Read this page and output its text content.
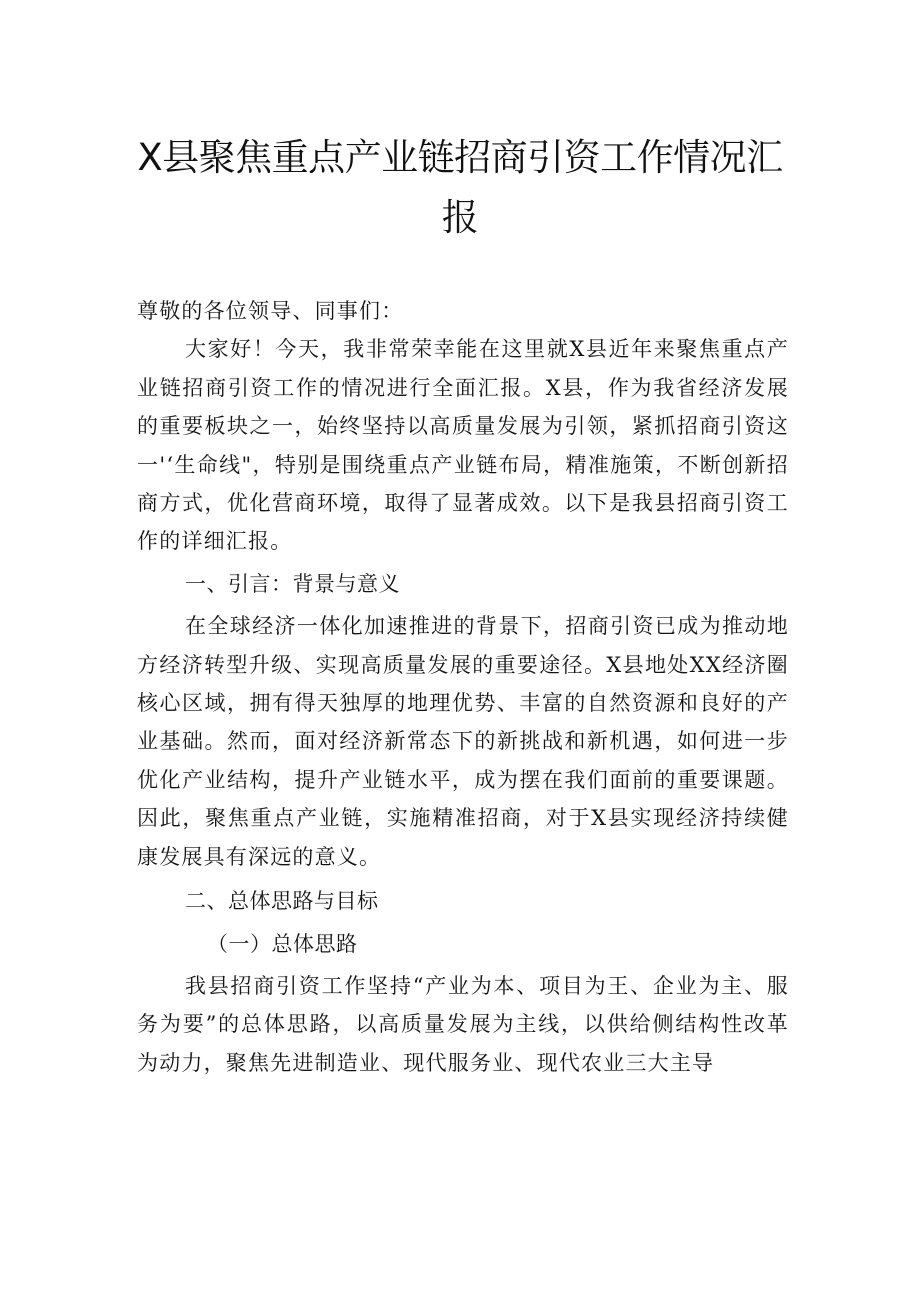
X县聚焦重点产业链招商引资工作情况汇
报

尊敬的各位领导、同事们：

大家好！今天，我非常荣幸能在这里就X县近年来聚焦重点产业链招商引资工作的情况进行全面汇报。X县，作为我省经济发展的重要板块之一，始终坚持以高质量发展为引领，紧抓招商引资这一'‘生命线"，特别是围绕重点产业链布局，精准施策，不断创新招商方式，优化营商环境，取得了显著成效。以下是我县招商引资工作的详细汇报。

一、引言：背景与意义

在全球经济一体化加速推进的背景下，招商引资已成为推动地方经济转型升级、实现高质量发展的重要途径。X县地处XX经济圈核心区域，拥有得天独厚的地理优势、丰富的自然资源和良好的产业基础。然而，面对经济新常态下的新挑战和新机遇，如何进一步优化产业结构，提升产业链水平，成为摆在我们面前的重要课题。因此，聚焦重点产业链，实施精准招商，对于X县实现经济持续健康发展具有深远的意义。

二、总体思路与目标

（一）总体思路

我县招商引资工作坚持“产业为本、项目为王、企业为主、服务为要”的总体思路，以高质量发展为主线，以供给侧结构性改革为动力，聚焦先进制造业、现代服务业、现代农业三大主导
